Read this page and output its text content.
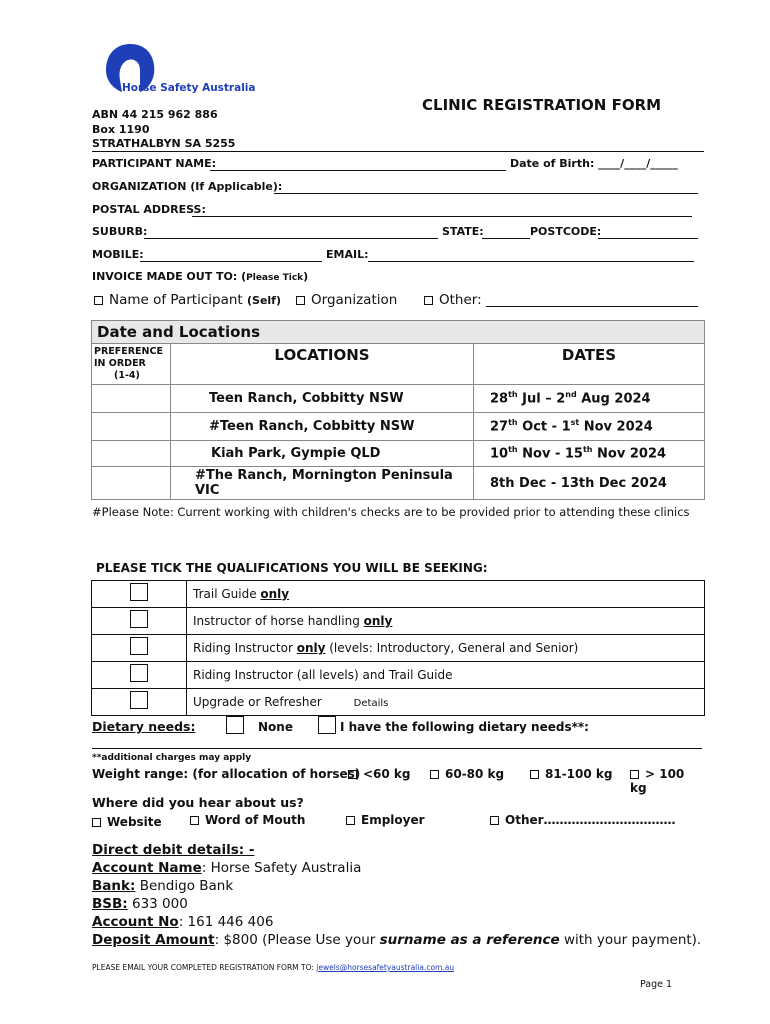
Horse Safety Australia
ABN 44 215 962 886
Box 1190
STRATHALBYN SA 5255
CLINIC REGISTRATION FORM
PARTICIPANT NAME:	Date of Birth: ____/____/_____
ORGANIZATION (If Applicable):
POSTAL ADDRESS:
SUBURB:	STATE:	POSTCODE:
MOBILE:	EMAIL:
INVOICE MADE OUT TO: (Please Tick)
Name of Participant (Self)	Organization	Other:
Date and Locations
PREFERENCE
IN ORDER
(1-4)	LOCATIONS	DATES
	Teen Ranch, Cobbitty NSW	28th Jul – 2nd Aug 2024
	#Teen Ranch, Cobbitty NSW	27th Oct - 1st Nov 2024
	Kiah Park, Gympie QLD	10th Nov - 15th Nov 2024
	#The Ranch, Mornington Peninsula VIC	8th Dec - 13th Dec 2024
#Please Note: Current working with children's checks are to be provided prior to attending these clinics
PLEASE TICK THE QUALIFICATIONS YOU WILL BE SEEKING:
	Trail Guide only
	Instructor of horse handling only
	Riding Instructor only (levels: Introductory, General and Senior)
	Riding Instructor (all levels) and Trail Guide
	Upgrade or Refresher Details
Dietary needs:	None	I have the following dietary needs**:
**additional charges may apply
Weight range: (for allocation of horses) <60 kg	60-80 kg	81-100 kg	> 100 kg
Where did you hear about us?
Website	Word of Mouth	Employer	Other……………………………
Direct debit details: -
Account Name: Horse Safety Australia
Bank: Bendigo Bank
BSB: 633 000
Account No: 161 446 406
Deposit Amount: $800 (Please Use your surname as a reference with your payment).
PLEASE EMAIL YOUR COMPLETED REGISTRATION FORM TO: jewels@horsesafetyaustralia.com.au
Page 1
